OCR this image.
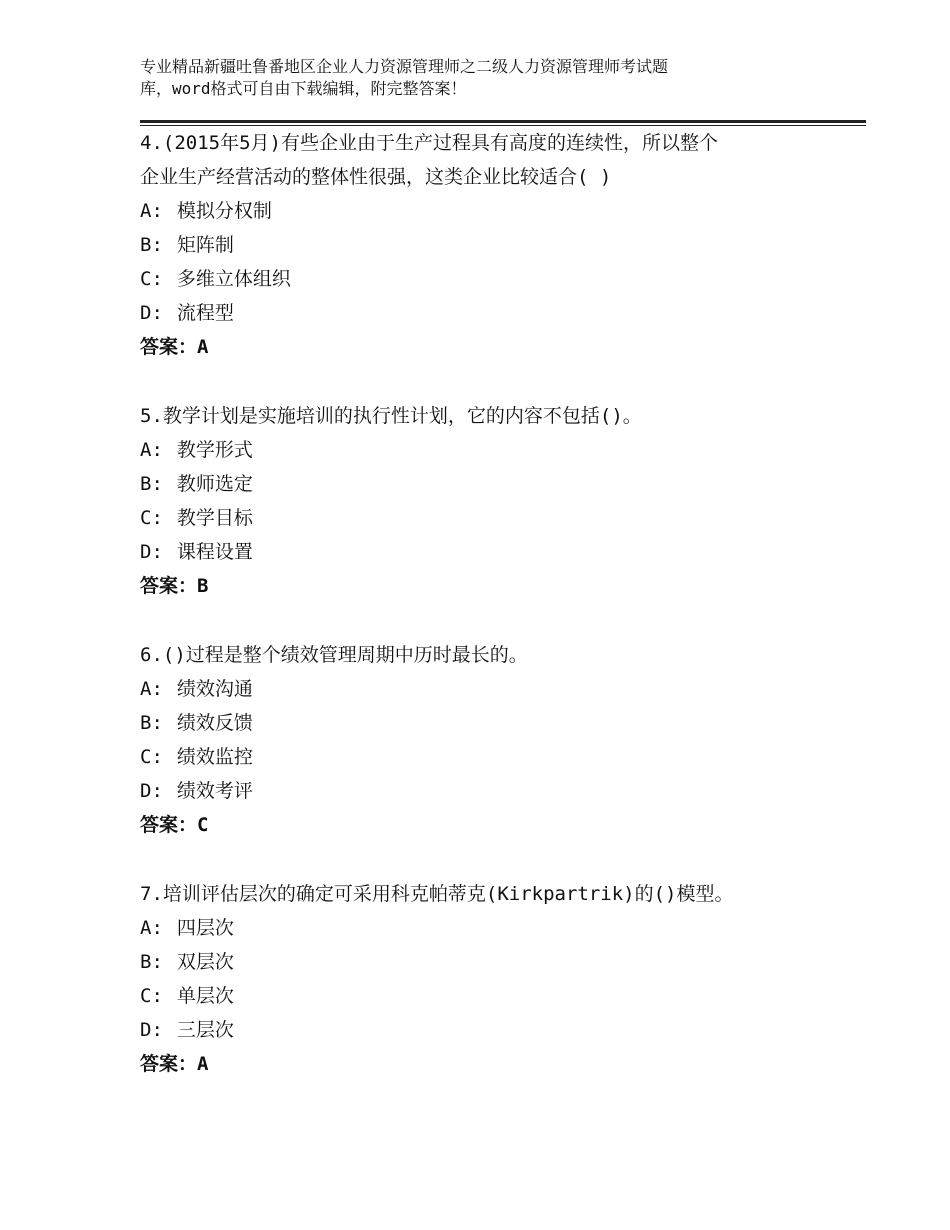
专业精品新疆吐鲁番地区企业人力资源管理师之二级人力资源管理师考试题
库，word格式可自由下载编辑，附完整答案！
4.(2015年5月)有些企业由于生产过程具有高度的连续性，所以整个
企业生产经营活动的整体性很强，这类企业比较适合( )
A: 模拟分权制
B: 矩阵制
C: 多维立体组织
D: 流程型
答案：A
5.教学计划是实施培训的执行性计划，它的内容不包括()。
A: 教学形式
B: 教师选定
C: 教学目标
D: 课程设置
答案：B
6.()过程是整个绩效管理周期中历时最长的。
A: 绩效沟通
B: 绩效反馈
C: 绩效监控
D: 绩效考评
答案：C
7.培训评估层次的确定可采用科克帕蒂克(Kirkpartrik)的()模型。
A: 四层次
B: 双层次
C: 单层次
D: 三层次
答案：A
